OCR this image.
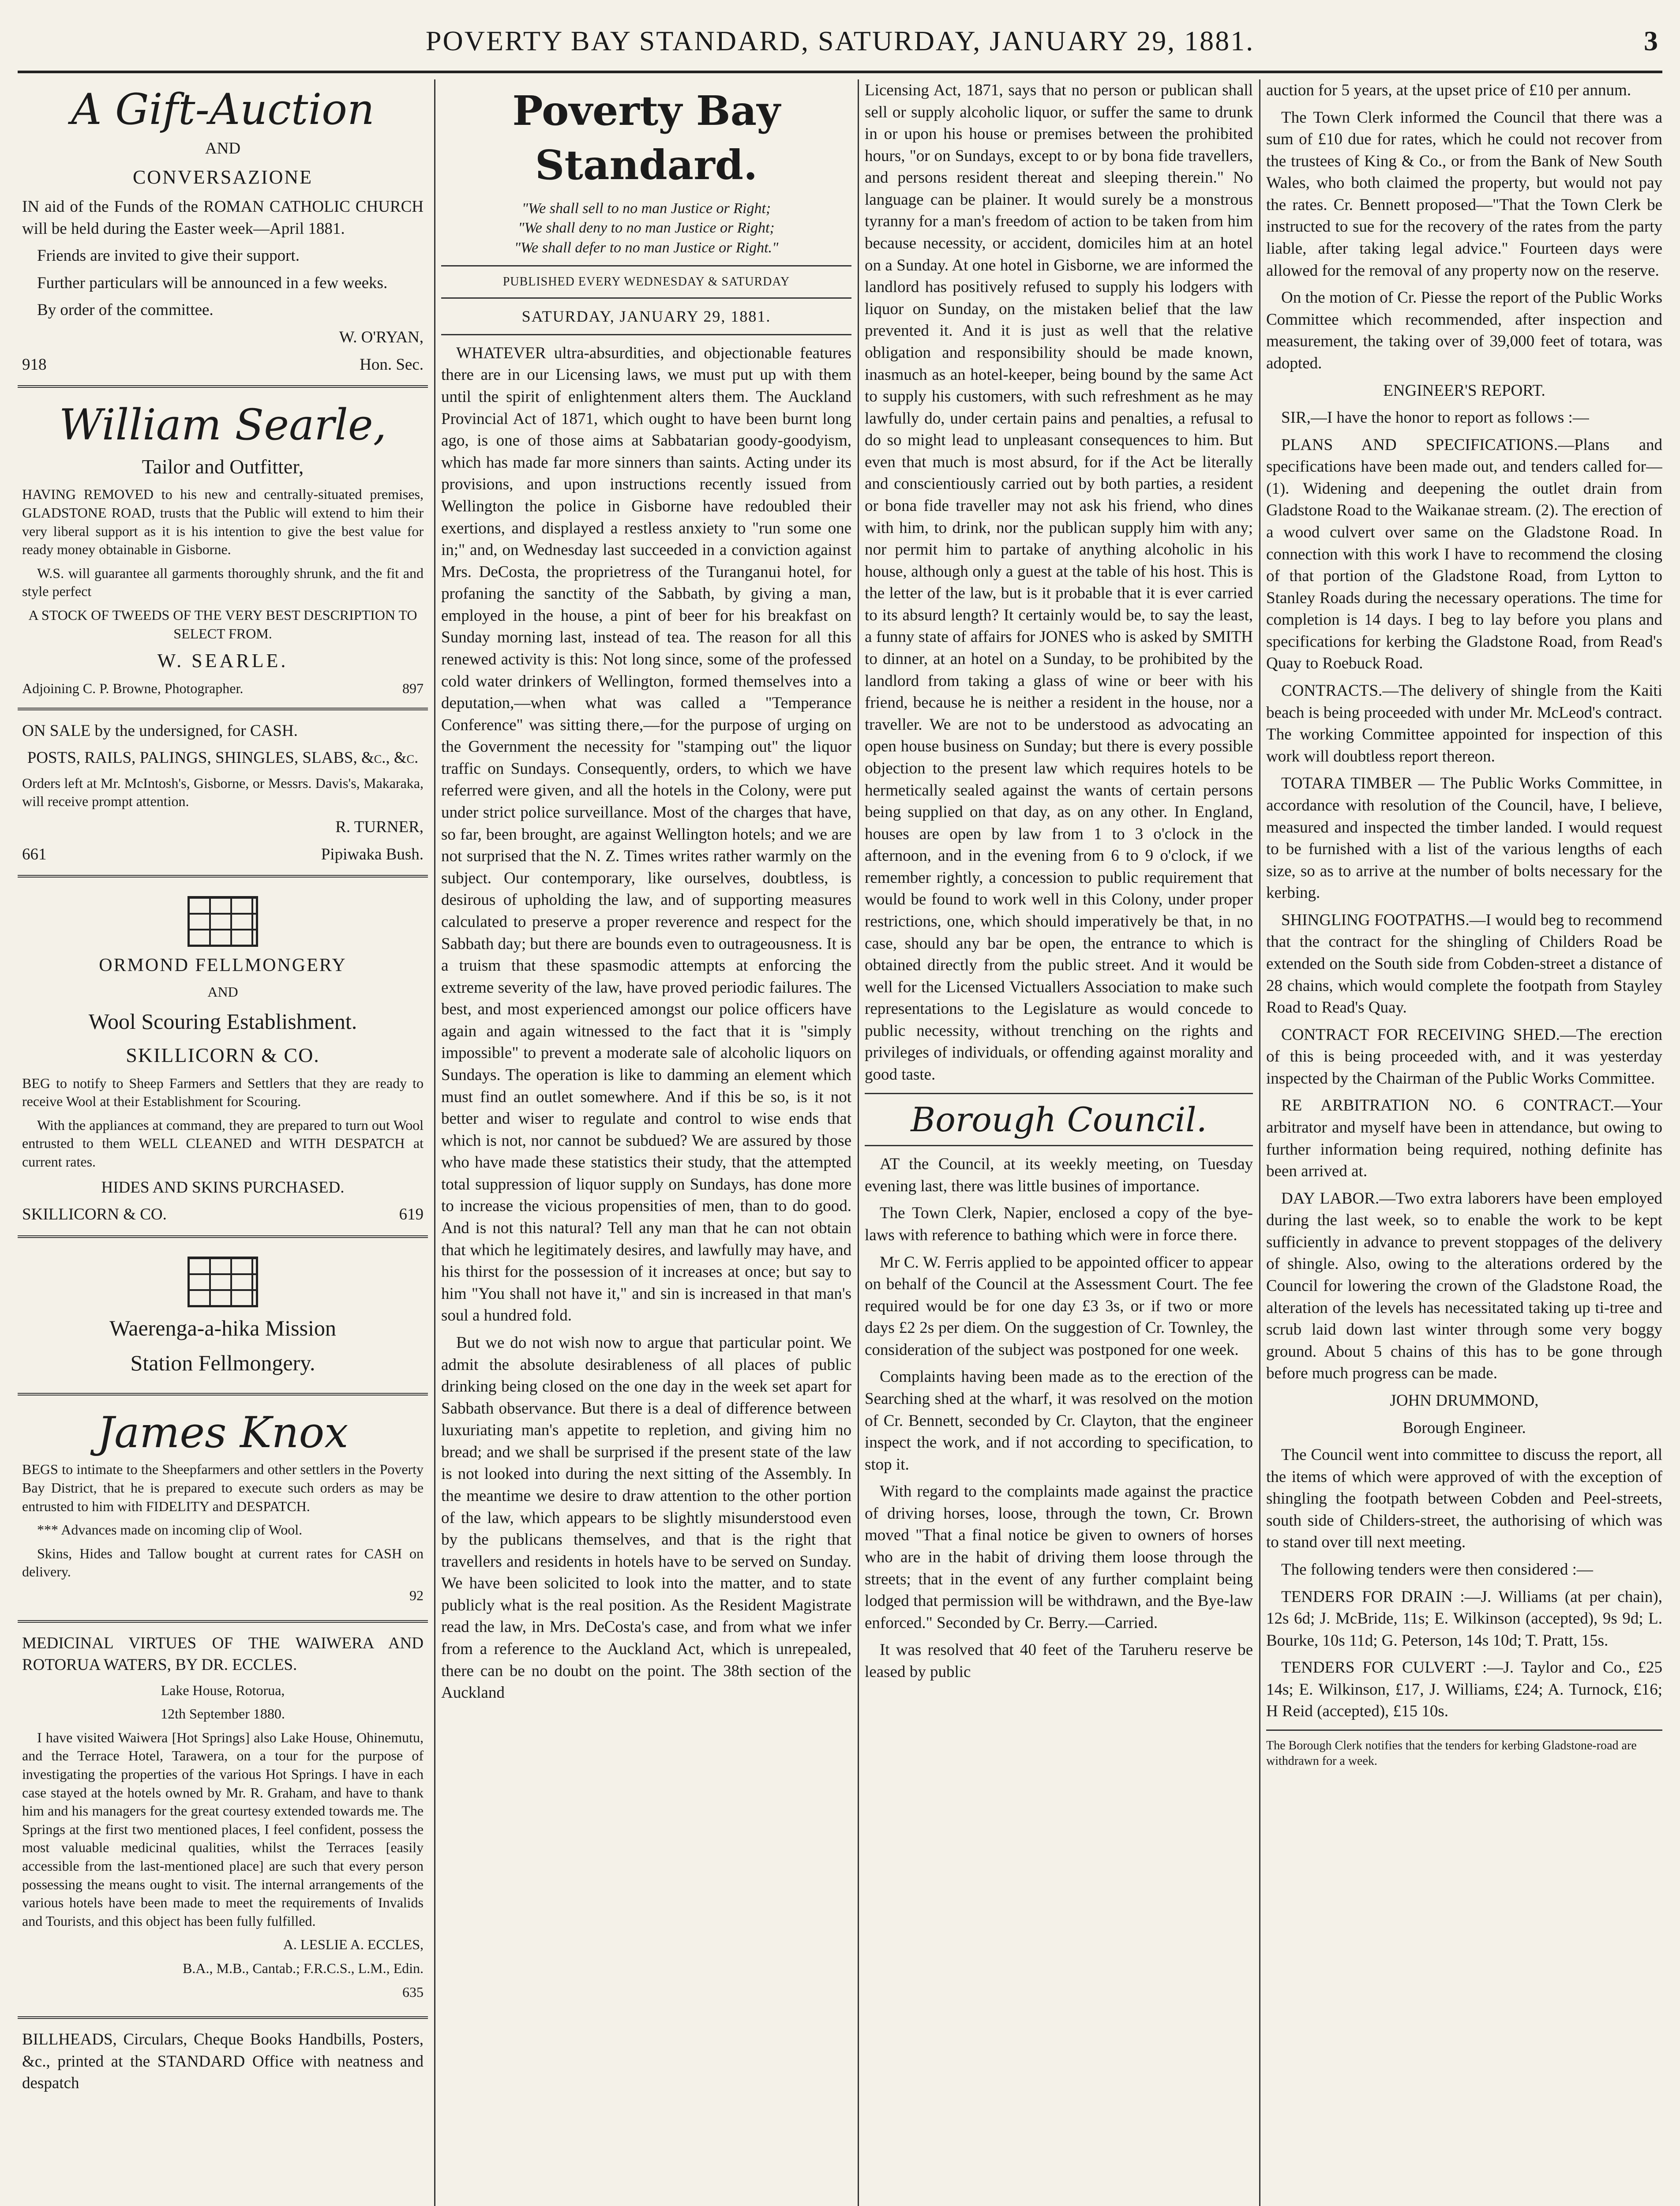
POVERTY BAY STANDARD, SATURDAY, JANUARY 29, 1881.	3
A Gift-Auction

AND

CONVERSAZIONE

IN aid of the Funds of the ROMAN CATHOLIC CHURCH will be held during the Easter week—April 1881.

Friends are invited to give their support.

Further particulars will be announced in a few weeks.

By order of the committee.

W. O'RYAN,

918	Hon. Sec.
William Searle,

Tailor and Outfitter,

HAVING REMOVED to his new and centrally-situated premises, GLADSTONE ROAD, trusts that the Public will extend to him their very liberal support as it is his intention to give the best value for ready money obtainable in Gisborne.

W.S. will guarantee all garments thoroughly shrunk, and the fit and style perfect

A STOCK OF TWEEDS OF THE VERY BEST DESCRIPTION TO SELECT FROM.

W. SEARLE.

Adjoining C. P. Browne, Photographer.	897

ON SALE by the undersigned, for CASH.

POSTS, RAILS, PALINGS, SHINGLES, SLABS, &c., &c.

Orders left at Mr. McIntosh's, Gisborne, or Messrs. Davis's, Makaraka, will receive prompt attention.

R. TURNER,

661	Pipiwaka Bush.

ORMOND FELLMONGERY

AND

Wool Scouring Establishment.

SKILLICORN & CO.

BEG to notify to Sheep Farmers and Settlers that they are ready to receive Wool at their Establishment for Scouring.

With the appliances at command, they are prepared to turn out Wool entrusted to them WELL CLEANED and WITH DESPATCH at current rates.

HIDES AND SKINS PURCHASED.

SKILLICORN & CO.	619

Waerenga-a-hika Mission

Station Fellmongery.

James Knox

BEGS to intimate to the Sheepfarmers and other settlers in the Poverty Bay District, that he is prepared to execute such orders as may be entrusted to him with FIDELITY and DESPATCH.

*** Advances made on incoming clip of Wool.

Skins, Hides and Tallow bought at current rates for CASH on delivery.

92

MEDICINAL VIRTUES OF THE WAIWERA AND ROTORUA WATERS, BY DR. ECCLES.

Lake House, Rotorua,

12th September 1880.

I have visited Waiwera [Hot Springs] also Lake House, Ohinemutu, and the Terrace Hotel, Tarawera, on a tour for the purpose of investigating the properties of the various Hot Springs. I have in each case stayed at the hotels owned by Mr. R. Graham, and have to thank him and his managers for the great courtesy extended towards me. The Springs at the first two mentioned places, I feel confident, possess the most valuable medicinal qualities, whilst the Terraces [easily accessible from the last-mentioned place] are such that every person possessing the means ought to visit. The internal arrangements of the various hotels have been made to meet the requirements of Invalids and Tourists, and this object has been fully fulfilled.

A. LESLIE A. ECCLES,

B.A., M.B., Cantab.; F.R.C.S., L.M., Edin.

635

BILLHEADS, Circulars, Cheque Books Handbills, Posters, &c., printed at the STANDARD Office with neatness and despatch

Poverty Bay Standard.

"We shall sell to no man Justice or Right;

"We shall deny to no man Justice or Right;

"We shall defer to no man Justice or Right."

PUBLISHED EVERY WEDNESDAY & SATURDAY

SATURDAY, JANUARY 29, 1881.

WHATEVER ultra-absurdities, and objectionable features there are in our Licensing laws, we must put up with them until the spirit of enlightenment alters them. The Auckland Provincial Act of 1871, which ought to have been burnt long ago, is one of those aims at Sabbatarian goody-goodyism, which has made far more sinners than saints. Acting under its provisions, and upon instructions recently issued from Wellington the police in Gisborne have redoubled their exertions, and displayed a restless anxiety to "run some one in;" and, on Wednesday last succeeded in a conviction against Mrs. DeCosta, the proprietress of the Turanganui hotel, for profaning the sanctity of the Sabbath, by giving a man, employed in the house, a pint of beer for his breakfast on Sunday morning last, instead of tea. The reason for all this renewed activity is this: Not long since, some of the professed cold water drinkers of Wellington, formed themselves into a deputation,—when what was called a "Temperance Conference" was sitting there,—for the purpose of urging on the Government the necessity for "stamping out" the liquor traffic on Sundays. Consequently, orders, to which we have referred were given, and all the hotels in the Colony, were put under strict police surveillance. Most of the charges that have, so far, been brought, are against Wellington hotels; and we are not surprised that the N. Z. Times writes rather warmly on the subject. Our contemporary, like ourselves, doubtless, is desirous of upholding the law, and of supporting measures calculated to preserve a proper reverence and respect for the Sabbath day; but there are bounds even to outrageousness. It is a truism that these spasmodic attempts at enforcing the extreme severity of the law, have proved periodic failures. The best, and most experienced amongst our police officers have again and again witnessed to the fact that it is "simply impossible" to prevent a moderate sale of alcoholic liquors on Sundays. The operation is like to damming an element which must find an outlet somewhere. And if this be so, is it not better and wiser to regulate and control to wise ends that which is not, nor cannot be subdued? We are assured by those who have made these statistics their study, that the attempted total suppression of liquor supply on Sundays, has done more to increase the vicious propensities of men, than to do good. And is not this natural? Tell any man that he can not obtain that which he legitimately desires, and lawfully may have, and his thirst for the possession of it increases at once; but say to him "You shall not have it," and sin is increased in that man's soul a hundred fold.

But we do not wish now to argue that particular point. We admit the absolute desirableness of all places of public drinking being closed on the one day in the week set apart for Sabbath observance. But there is a deal of difference between luxuriating man's appetite to repletion, and giving him no bread; and we shall be surprised if the present state of the law is not looked into during the next sitting of the Assembly. In the meantime we desire to draw attention to the other portion of the law, which appears to be slightly misunderstood even by the publicans themselves, and that is the right that travellers and residents in hotels have to be served on Sunday. We have been solicited to look into the matter, and to state publicly what is the real position. As the Resident Magistrate read the law, in Mrs. DeCosta's case, and from what we infer from a reference to the Auckland Act, which is unrepealed, there can be no doubt on the point. The 38th section of the Auckland

Licensing Act, 1871, says that no person or publican shall sell or supply alcoholic liquor, or suffer the same to drunk in or upon his house or premises between the prohibited hours, "or on Sundays, except to or by bona fide travellers, and persons resident thereat and sleeping therein." No language can be plainer. It would surely be a monstrous tyranny for a man's freedom of action to be taken from him because necessity, or accident, domiciles him at an hotel on a Sunday. At one hotel in Gisborne, we are informed the landlord has positively refused to supply his lodgers with liquor on Sunday, on the mistaken belief that the law prevented it. And it is just as well that the relative obligation and responsibility should be made known, inasmuch as an hotel-keeper, being bound by the same Act to supply his customers, with such refreshment as he may lawfully do, under certain pains and penalties, a refusal to do so might lead to unpleasant consequences to him. But even that much is most absurd, for if the Act be literally and conscientiously carried out by both parties, a resident or bona fide traveller may not ask his friend, who dines with him, to drink, nor the publican supply him with any; nor permit him to partake of anything alcoholic in his house, although only a guest at the table of his host. This is the letter of the law, but is it probable that it is ever carried to its absurd length? It certainly would be, to say the least, a funny state of affairs for JONES who is asked by SMITH to dinner, at an hotel on a Sunday, to be prohibited by the landlord from taking a glass of wine or beer with his friend, because he is neither a resident in the house, nor a traveller. We are not to be understood as advocating an open house business on Sunday; but there is every possible objection to the present law which requires hotels to be hermetically sealed against the wants of certain persons being supplied on that day, as on any other. In England, houses are open by law from 1 to 3 o'clock in the afternoon, and in the evening from 6 to 9 o'clock, if we remember rightly, a concession to public requirement that would be found to work well in this Colony, under proper restrictions, one, which should imperatively be that, in no case, should any bar be open, the entrance to which is obtained directly from the public street. And it would be well for the Licensed Victuallers Association to make such representations to the Legislature as would concede to public necessity, without trenching on the rights and privileges of individuals, or offending against morality and good taste.

Borough Council.

AT the Council, at its weekly meeting, on Tuesday evening last, there was little busines of importance.

The Town Clerk, Napier, enclosed a copy of the bye-laws with reference to bathing which were in force there.

Mr C. W. Ferris applied to be appointed officer to appear on behalf of the Council at the Assessment Court. The fee required would be for one day £3 3s, or if two or more days £2 2s per diem. On the suggestion of Cr. Townley, the consideration of the subject was postponed for one week.

Complaints having been made as to the erection of the Searching shed at the wharf, it was resolved on the motion of Cr. Bennett, seconded by Cr. Clayton, that the engineer inspect the work, and if not according to specification, to stop it.

With regard to the complaints made against the practice of driving horses, loose, through the town, Cr. Brown moved "That a final notice be given to owners of horses who are in the habit of driving them loose through the streets; that in the event of any further complaint being lodged that permission will be withdrawn, and the Bye-law enforced." Seconded by Cr. Berry.—Carried.

It was resolved that 40 feet of the Taruheru reserve be leased by public

auction for 5 years, at the upset price of £10 per annum.

The Town Clerk informed the Council that there was a sum of £10 due for rates, which he could not recover from the trustees of King & Co., or from the Bank of New South Wales, who both claimed the property, but would not pay the rates. Cr. Bennett proposed—"That the Town Clerk be instructed to sue for the recovery of the rates from the party liable, after taking legal advice." Fourteen days were allowed for the removal of any property now on the reserve.

On the motion of Cr. Piesse the report of the Public Works Committee which recommended, after inspection and measurement, the taking over of 39,000 feet of totara, was adopted.

ENGINEER'S REPORT.

SIR,—I have the honor to report as follows :—

PLANS AND SPECIFICATIONS.—Plans and specifications have been made out, and tenders called for—(1). Widening and deepening the outlet drain from Gladstone Road to the Waikanae stream. (2). The erection of a wood culvert over same on the Gladstone Road. In connection with this work I have to recommend the closing of that portion of the Gladstone Road, from Lytton to Stanley Roads during the necessary operations. The time for completion is 14 days. I beg to lay before you plans and specifications for kerbing the Gladstone Road, from Read's Quay to Roebuck Road.

CONTRACTS.—The delivery of shingle from the Kaiti beach is being proceeded with under Mr. McLeod's contract. The working Committee appointed for inspection of this work will doubtless report thereon.

TOTARA TIMBER — The Public Works Committee, in accordance with resolution of the Council, have, I believe, measured and inspected the timber landed. I would request to be furnished with a list of the various lengths of each size, so as to arrive at the number of bolts necessary for the kerbing.

SHINGLING FOOTPATHS.—I would beg to recommend that the contract for the shingling of Childers Road be extended on the South side from Cobden-street a distance of 28 chains, which would complete the footpath from Stayley Road to Read's Quay.

CONTRACT FOR RECEIVING SHED.—The erection of this is being proceeded with, and it was yesterday inspected by the Chairman of the Public Works Committee.

RE ARBITRATION NO. 6 CONTRACT.—Your arbitrator and myself have been in attendance, but owing to further information being required, nothing definite has been arrived at.

DAY LABOR.—Two extra laborers have been employed during the last week, so to enable the work to be kept sufficiently in advance to prevent stoppages of the delivery of shingle. Also, owing to the alterations ordered by the Council for lowering the crown of the Gladstone Road, the alteration of the levels has necessitated taking up ti-tree and scrub laid down last winter through some very boggy ground. About 5 chains of this has to be gone through before much progress can be made.

JOHN DRUMMOND,

Borough Engineer.

The Council went into committee to discuss the report, all the items of which were approved of with the exception of shingling the footpath between Cobden and Peel-streets, south side of Childers-street, the authorising of which was to stand over till next meeting.

The following tenders were then considered :—

TENDERS FOR DRAIN :—J. Williams (at per chain), 12s 6d; J. McBride, 11s; E. Wilkinson (accepted), 9s 9d; L. Bourke, 10s 11d; G. Peterson, 14s 10d; T. Pratt, 15s.

TENDERS FOR CULVERT :—J. Taylor and Co., £25 14s; E. Wilkinson, £17, J. Williams, £24; A. Turnock, £16; H Reid (accepted), £15 10s.

The Borough Clerk notifies that the tenders for kerbing Gladstone-road are withdrawn for a week.
